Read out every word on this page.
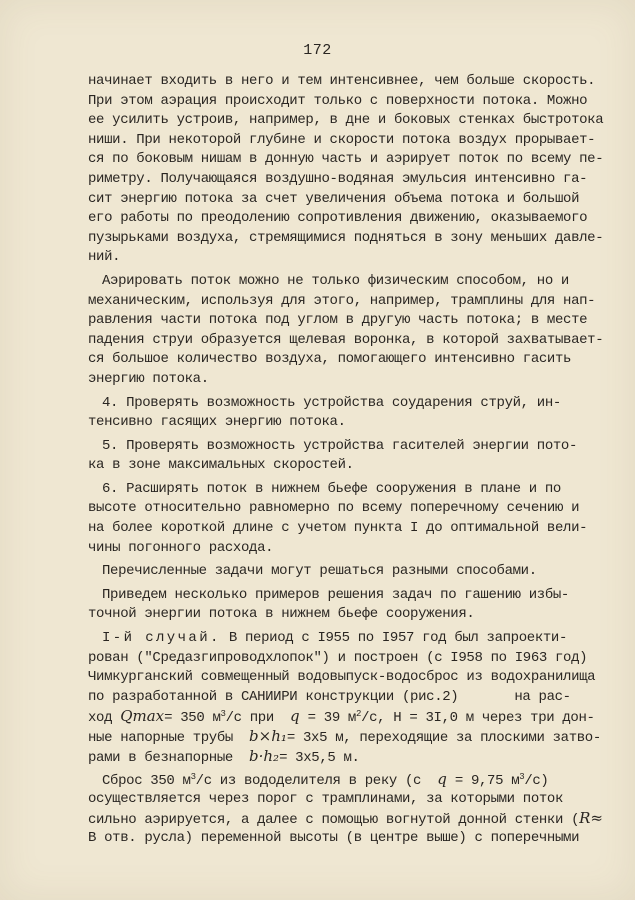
172
начинает входить в него и тем интенсивнее, чем больше скорость.
При этом аэрация происходит только с поверхности потока. Можно
ее усилить устроив, например, в дне и боковых стенках быстротока
ниши. При некоторой глубине и скорости потока воздух прорывает-
ся по боковым нишам в донную часть и аэрирует поток по всему пе-
риметру. Получающаяся воздушно-водяная эмульсия интенсивно га-
сит энергию потока за счет увеличения объема потока и большой
его работы по преодолению сопротивления движению, оказываемого
пузырьками воздуха, стремящимися подняться в зону меньших давле-
ний.
Аэрировать поток можно не только физическим способом, но и
механическим, используя для этого, например, трамплины для нап-
равления части потока под углом в другую часть потока; в месте
падения струи образуется щелевая воронка, в которой захватывает-
ся большое количество воздуха, помогающего интенсивно гасить
энергию потока.
4. Проверять возможность устройства соударения струй, ин-
тенсивно гасящих энергию потока.
5. Проверять возможность устройства гасителей энергии пото-
ка в зоне максимальных скоростей.
6. Расширять поток в нижнем бьефе сооружения в плане и по
высоте относительно равномерно по всему поперечному сечению и
на более короткой длине с учетом пункта I до оптимальной вели-
чины погонного расхода.
Перечисленные задачи могут решаться разными способами.
Приведем несколько примеров решения задач по гашению избы-
точной энергии потока в нижнем бьефе сооружения.
I-й случай. В период с I955 по I957 год был запроекти-
рован ("Средазгипроводхлопок") и построен (с I958 по I963 год)
Чимкурганский совмещенный водовыпуск-водосброс из водохранилища
по разработанной в САНИИРИ конструкции (рис.2)	на рас-
ход Qmax= 350 $м^3/с$ при  q = 39 $м^2/с$, Н = 3I,0 м через три дон-
ные напорные трубы  b×h₁= 3х5 м, переходящие за плоскими затво-
рами в безнапорные  b·h₂= 3х5,5 м.
Сброс 350 $м^3/с$ из вододелителя в реку (с  q = 9,75 $м^3/с$)
осуществляется через порог с трамплинами, за которыми поток
сильно аэрируется, а далее с помощью вогнутой донной стенки (R≈
В отв. русла) переменной высоты (в центре выше) с поперечными
